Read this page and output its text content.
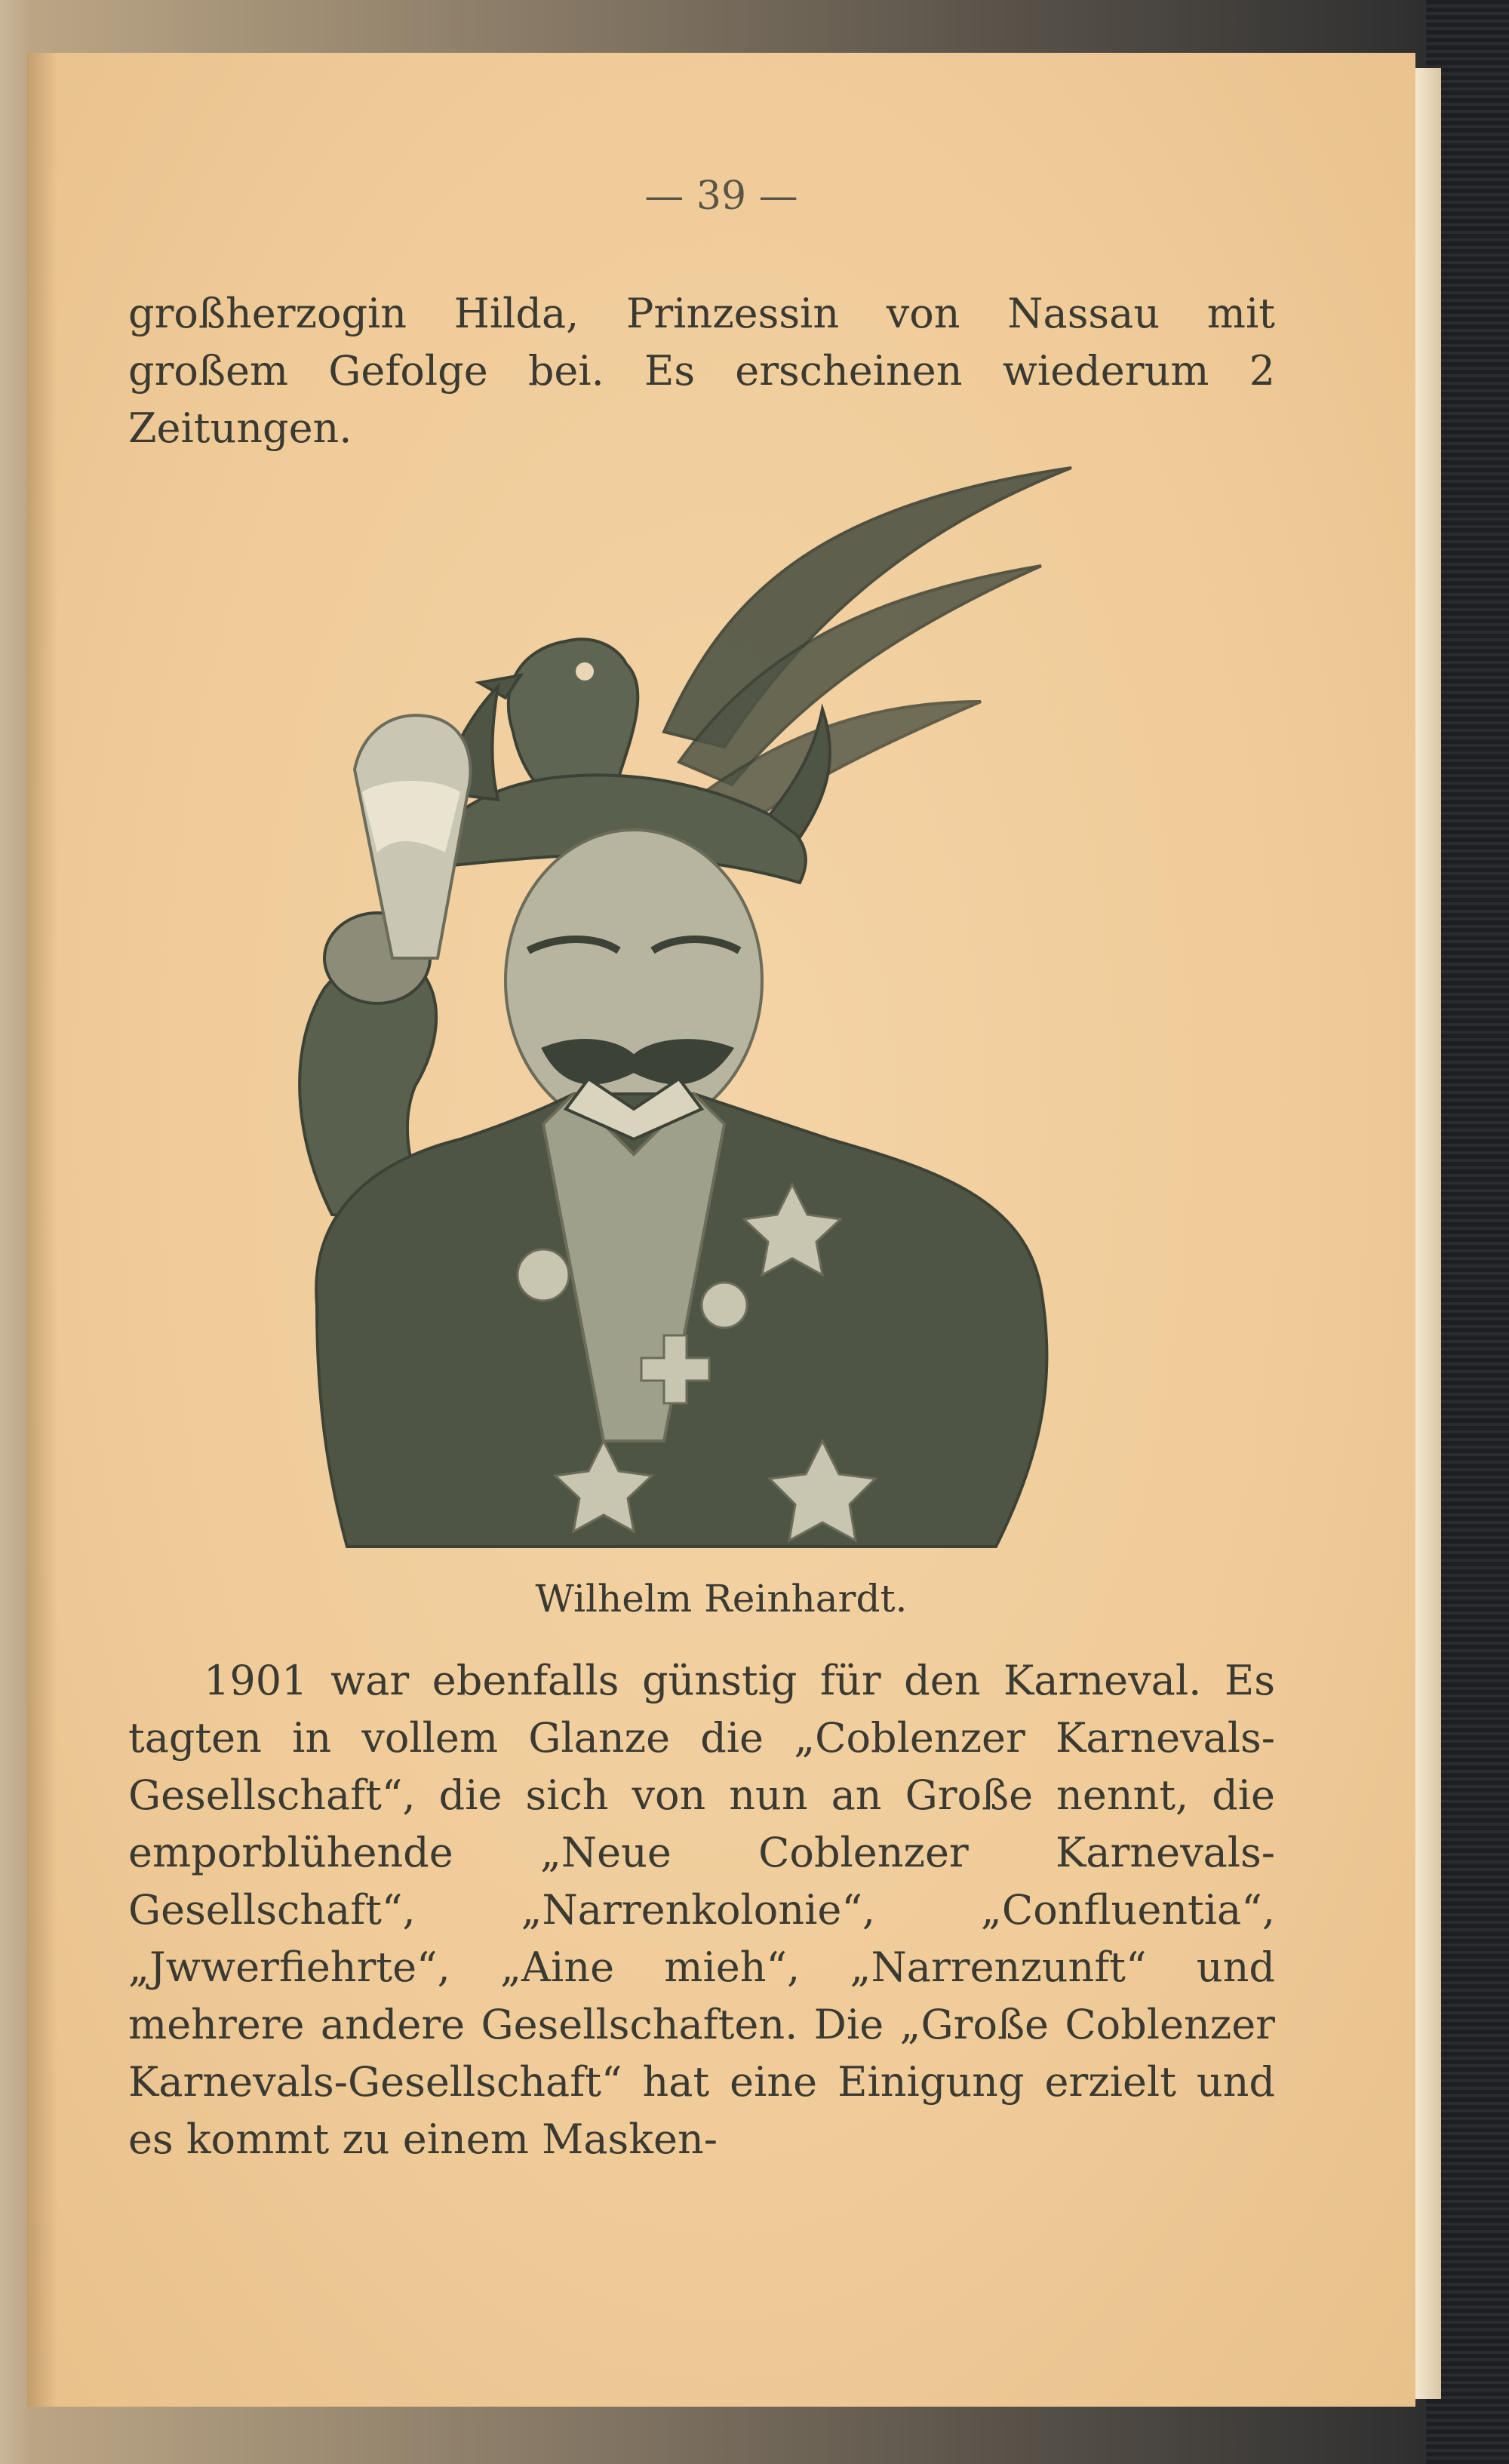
— 39 —
großherzogin Hilda, Prinzessin von Nassau mit großem Gefolge bei. Es erscheinen wiederum 2 Zeitungen.
Wilhelm Reinhardt.
1901 war ebenfalls günstig für den Karneval. Es tagten in vollem Glanze die „Coblenzer Karnevals-Gesellschaft“, die sich von nun an Große nennt, die emporblühende „Neue Coblenzer Karnevals-Gesellschaft“, „Narrenkolonie“, „Confluentia“, „Jwwerfiehrte“, „Aine mieh“, „Narrenzunft“ und mehrere andere Gesellschaften. Die „Große Coblenzer Karnevals-Gesellschaft“ hat eine Einigung erzielt und es kommt zu einem Masken-
